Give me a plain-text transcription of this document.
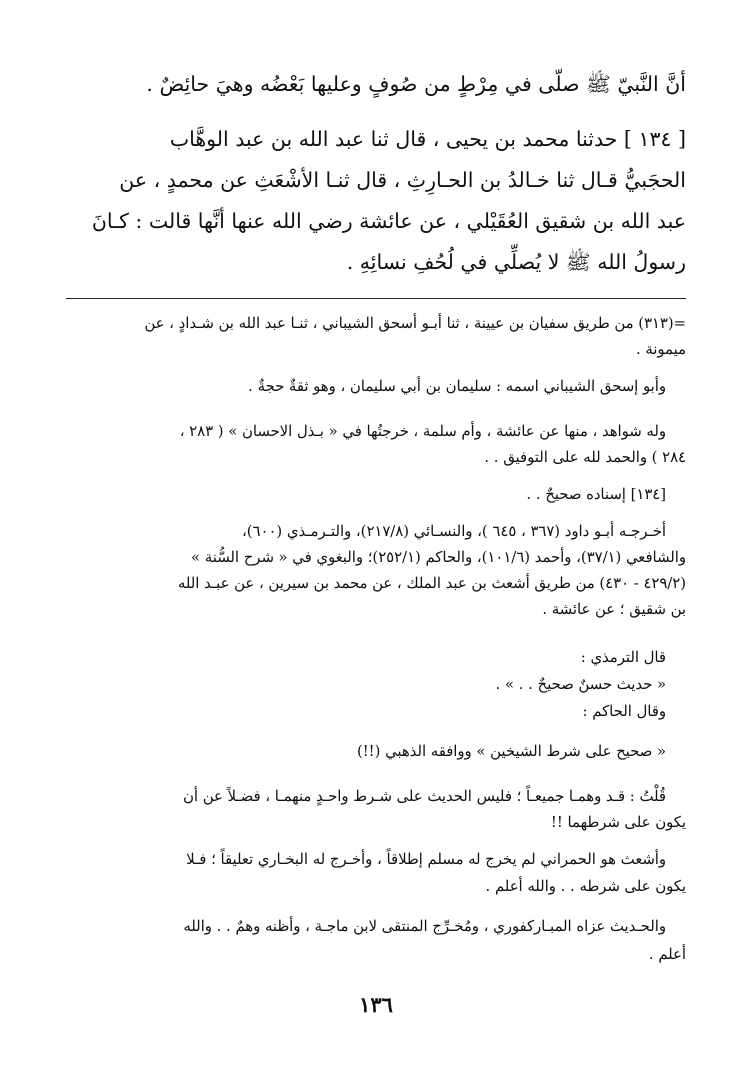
أنَّ النَّبيّ ﷺ صلّى في مِرْطٍ من صُوفٍ وعليها بَعْضُه وهيَ حائِضٌ .
[ ١٣٤ ] حدثنا محمد بن يحيى ، قال ثنا عبد الله بن عبد الوهَّاب
الحجَبيُّ قـال ثنا خـالدُ بن الحـارِثِ ، قال ثنـا الأشْعَثِ عن محمدٍ ، عن
عبد الله بن شقيق العُقَيْلي ، عن عائشة رضي الله عنها أنَّها قالت : كـانَ
رسولُ الله ﷺ لا يُصلِّي في لُحُفِ نسائِهِ .
=(٣١٣) من طريق سفيان بن عيينة ، ثنا أبـو أسحق الشيباني ، ثنـا عبد الله بن شـدادٍ ، عن
ميمونة .
وأبو إسحق الشيباني اسمه : سليمان بن أبي سليمان ، وهو ثقةٌ حجةٌ .
وله شواهد ، منها عن عائشة ، وأم سلمة ، خرجتُها في « بـذل الاحسان » ( ٢٨٣ ،
٢٨٤ ) والحمد لله على التوفيق . .
[١٣٤] إسناده صحيحٌ . .
أخـرجـه أبـو داود (٣٦٧ ، ٦٤٥ )، والنسـائي (٢١٧/٨)، والتـرمـذي (٦٠٠)،
والشافعي (٣٧/١)، وأحمد (١٠١/٦)، والحاكم (٢٥٢/١)؛ والبغوي في « شرح السُّنة »
(٤٢٩/٢ - ٤٣٠) من طريق أشعث بن عبد الملك ، عن محمد بن سيرين ، عن عبـد الله
بن شقيق ؛ عن عائشة .
قال الترمذي :
« حديث حسنٌ صحيحٌ . . » .
وقال الحاكم :
« صحيح على شرط الشيخين » ووافقه الذهبي (!!)
قُلْتُ : قـد وهمـا جميعـاً ؛ فليس الحديث على شـرط واحـدٍ منهمـا ، فضـلاً عن أن
يكون على شرطهما !!
وأشعث هو الحمراني لم يخرج له مسلم إطلاقاً ، وأخـرج له البخـاري تعليقاً ؛ فـلا
يكون على شرطه . . والله أعلم .
والحـديث عزاه المبـاركفوري ، ومُخـرِّج المنتقى لابن ماجـة ، وأظنه وهمٌ . . والله
أعلم .
١٣٦
